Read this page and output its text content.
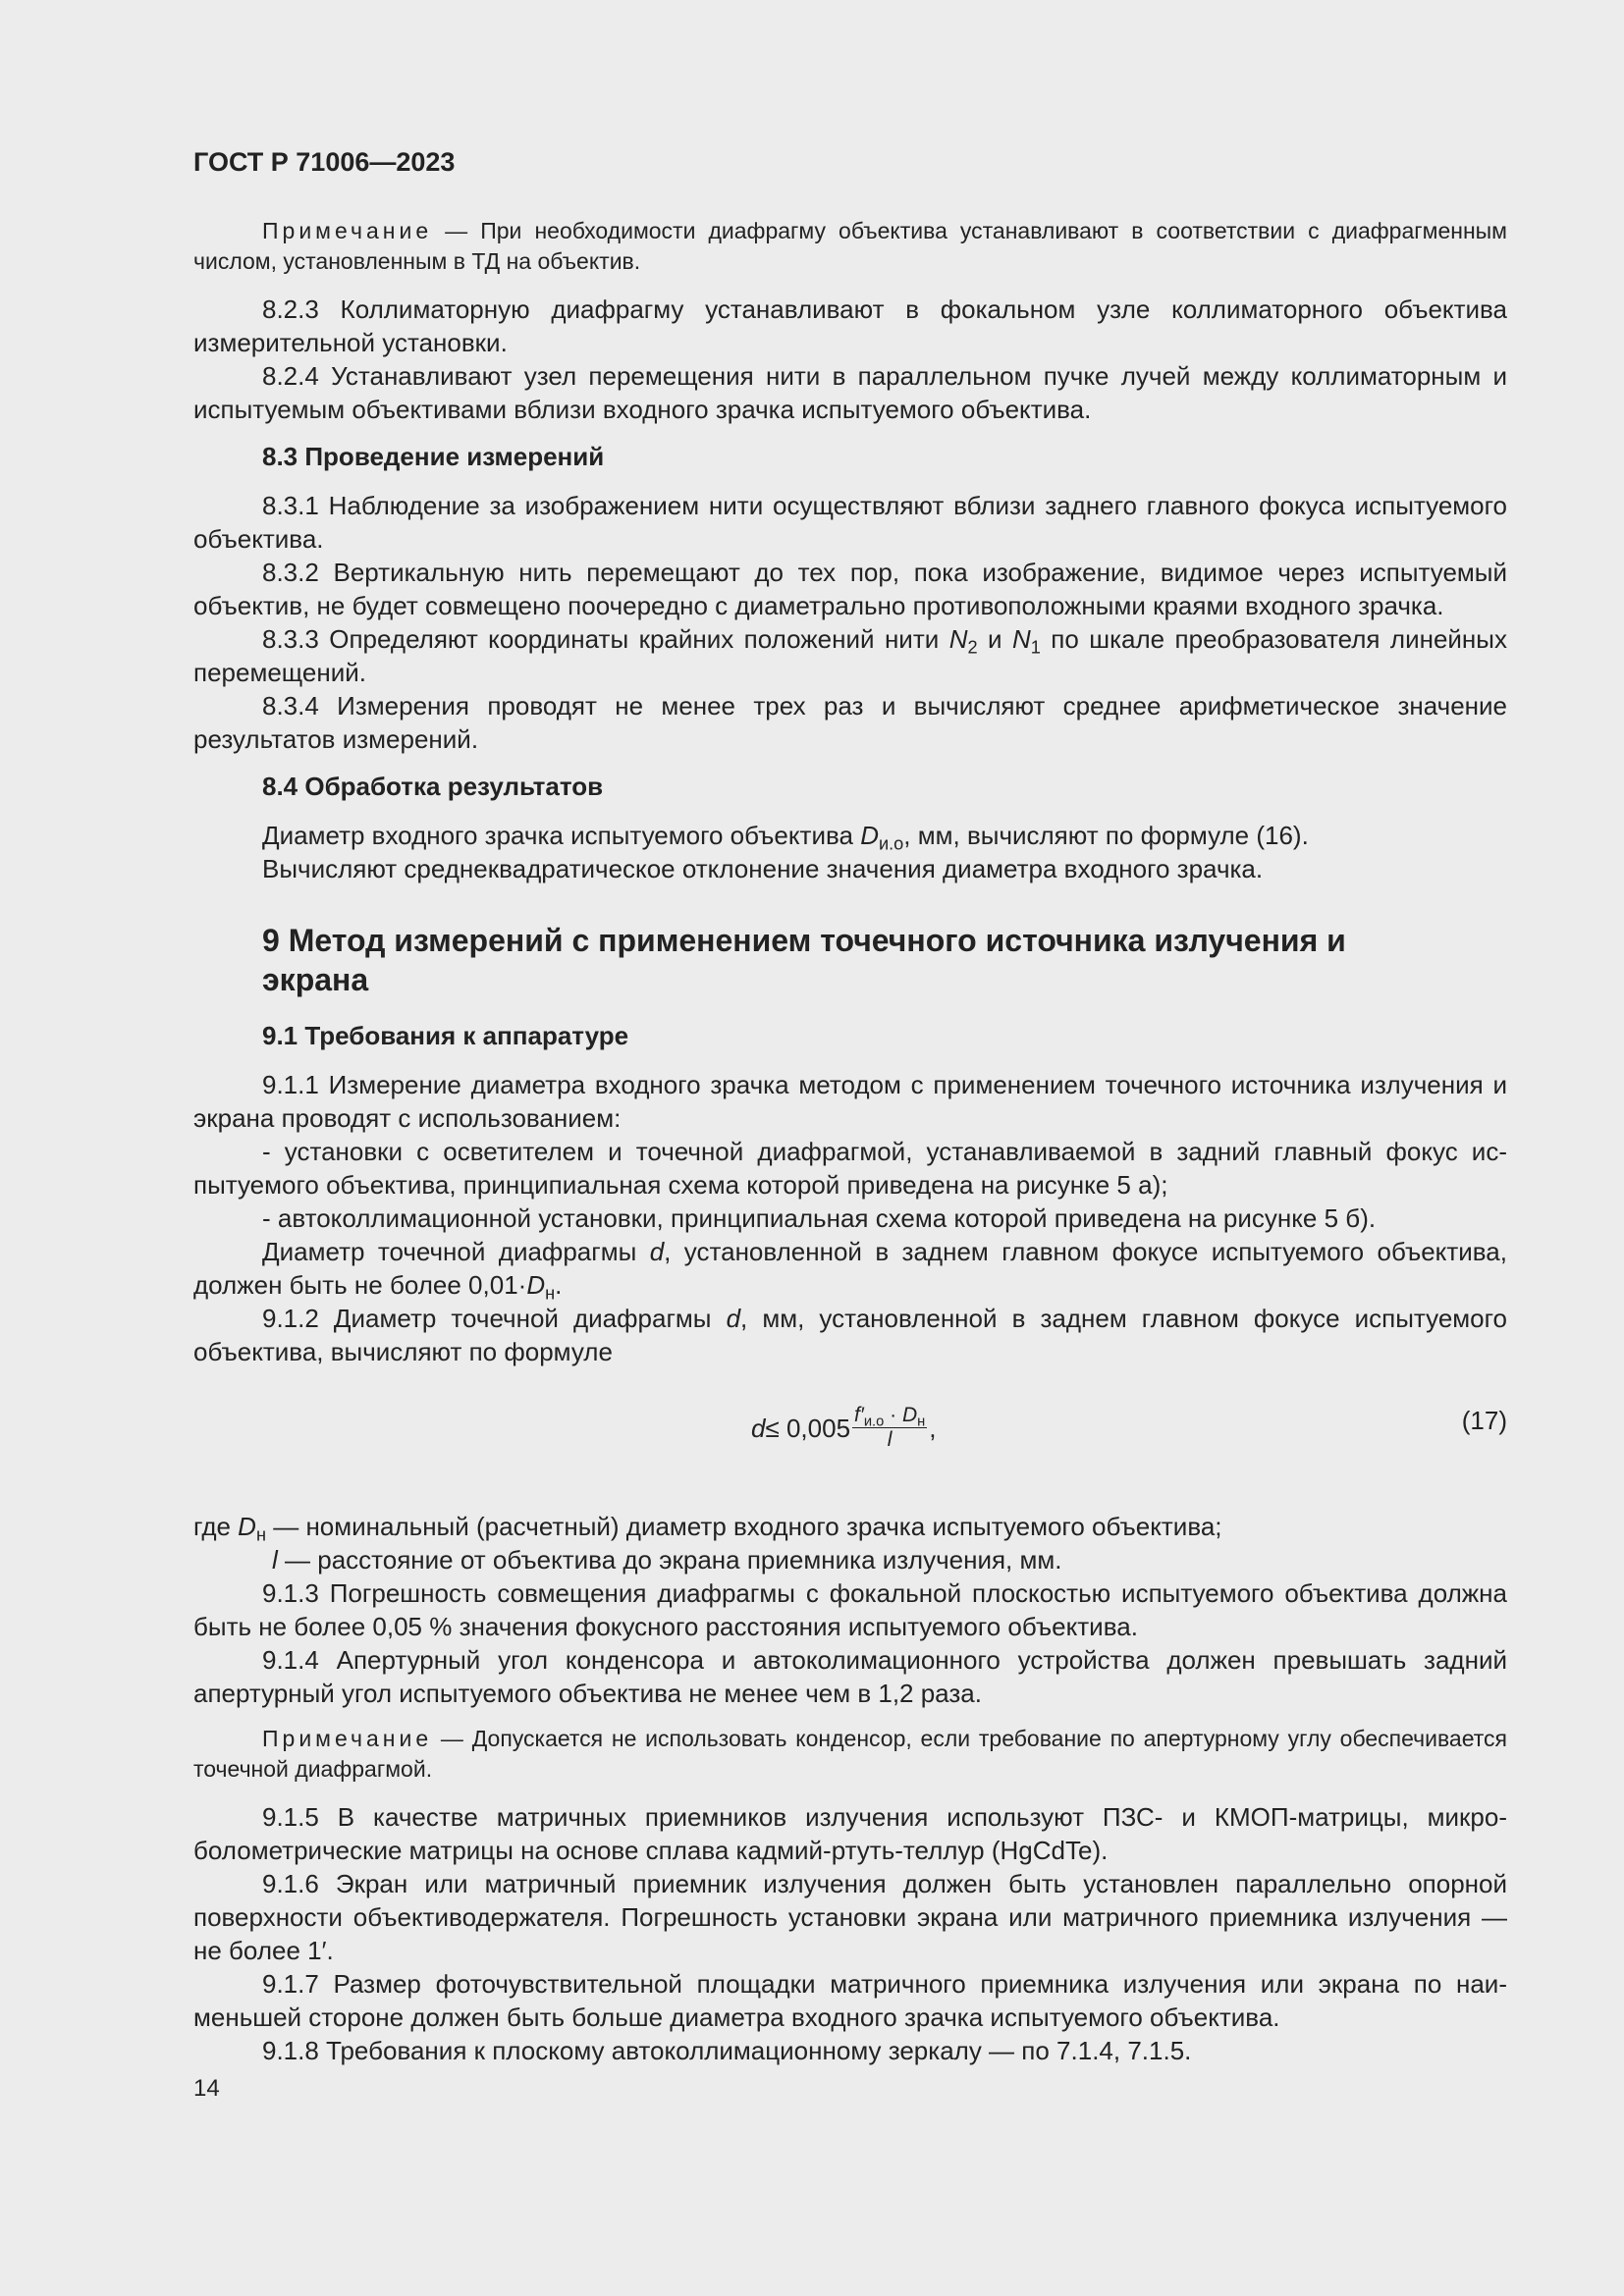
ГОСТ Р 71006—2023

Примечание — При необходимости диафрагму объектива устанавливают в соответствии с диафрагменным числом, установленным в ТД на объектив.

8.2.3 Коллиматорную диафрагму устанавливают в фокальном узле коллиматорного объектива измерительной установки.

8.2.4 Устанавливают узел перемещения нити в параллельном пучке лучей между коллиматорным и испытуемым объективами вблизи входного зрачка испытуемого объектива.

8.3 Проведение измерений

8.3.1 Наблюдение за изображением нити осуществляют вблизи заднего главного фокуса испытуемого объектива.

8.3.2 Вертикальную нить перемещают до тех пор, пока изображение, видимое через испытуемый объектив, не будет совмещено поочередно с диаметрально противоположными краями входного зрачка.

8.3.3 Определяют координаты крайних положений нити $N_2$ и $N_1$ по шкале преобразователя линейных перемещений.

8.3.4 Измерения проводят не менее трех раз и вычисляют среднее арифметическое значение результатов измерений.

8.4 Обработка результатов

Диаметр входного зрачка испытуемого объектива $D_{и.о}$, мм, вычисляют по формуле (16).

Вычисляют среднеквадратическое отклонение значения диаметра входного зрачка.

9 Метод измерений с применением точечного источника излучения и экрана
9.1 Требования к аппаратуре

9.1.1 Измерение диаметра входного зрачка методом с применением точечного источника излучения и экрана проводят с использованием:

- установки с осветителем и точечной диафрагмой, устанавливаемой в задний главный фокус испытуемого объектива, принципиальная схема которой приведена на рисунке 5 а);

- автоколлимационной установки, принципиальная схема которой приведена на рисунке 5 б).

Диаметр точечной диафрагмы d, установленной в заднем главном фокусе испытуемого объектива, должен быть не более $0,01\cdot D_н$.

9.1.2 Диаметр точечной диафрагмы d, мм, установленной в заднем главном фокусе испытуемого объектива, вычисляют по формуле

$d \le 0,005 \frac{f'_{и.о} \cdot D_н}{l}$ ,	(17)

где $D_н$ — номинальный (расчетный) диаметр входного зрачка испытуемого объектива;

l — расстояние от объектива до экрана приемника излучения, мм.

9.1.3 Погрешность совмещения диафрагмы с фокальной плоскостью испытуемого объектива должна быть не более 0,05 % значения фокусного расстояния испытуемого объектива.

9.1.4 Апертурный угол конденсора и автоколимационного устройства должен превышать задний апертурный угол испытуемого объектива не менее чем в 1,2 раза.

Примечание — Допускается не использовать конденсор, если требование по апертурному углу обеспечивается точечной диафрагмой.

9.1.5 В качестве матричных приемников излучения используют ПЗС- и КМОП-матрицы, микроболометрические матрицы на основе сплава кадмий-ртуть-теллур (HgCdTe).

9.1.6 Экран или матричный приемник излучения должен быть установлен параллельно опорной поверхности объективодержателя. Погрешность установки экрана или матричного приемника излучения — не более 1′.

9.1.7 Размер фоточувствительной площадки матричного приемника излучения или экрана по наименьшей стороне должен быть больше диаметра входного зрачка испытуемого объектива.

9.1.8 Требования к плоскому автоколлимационному зеркалу — по 7.1.4, 7.1.5.

14
